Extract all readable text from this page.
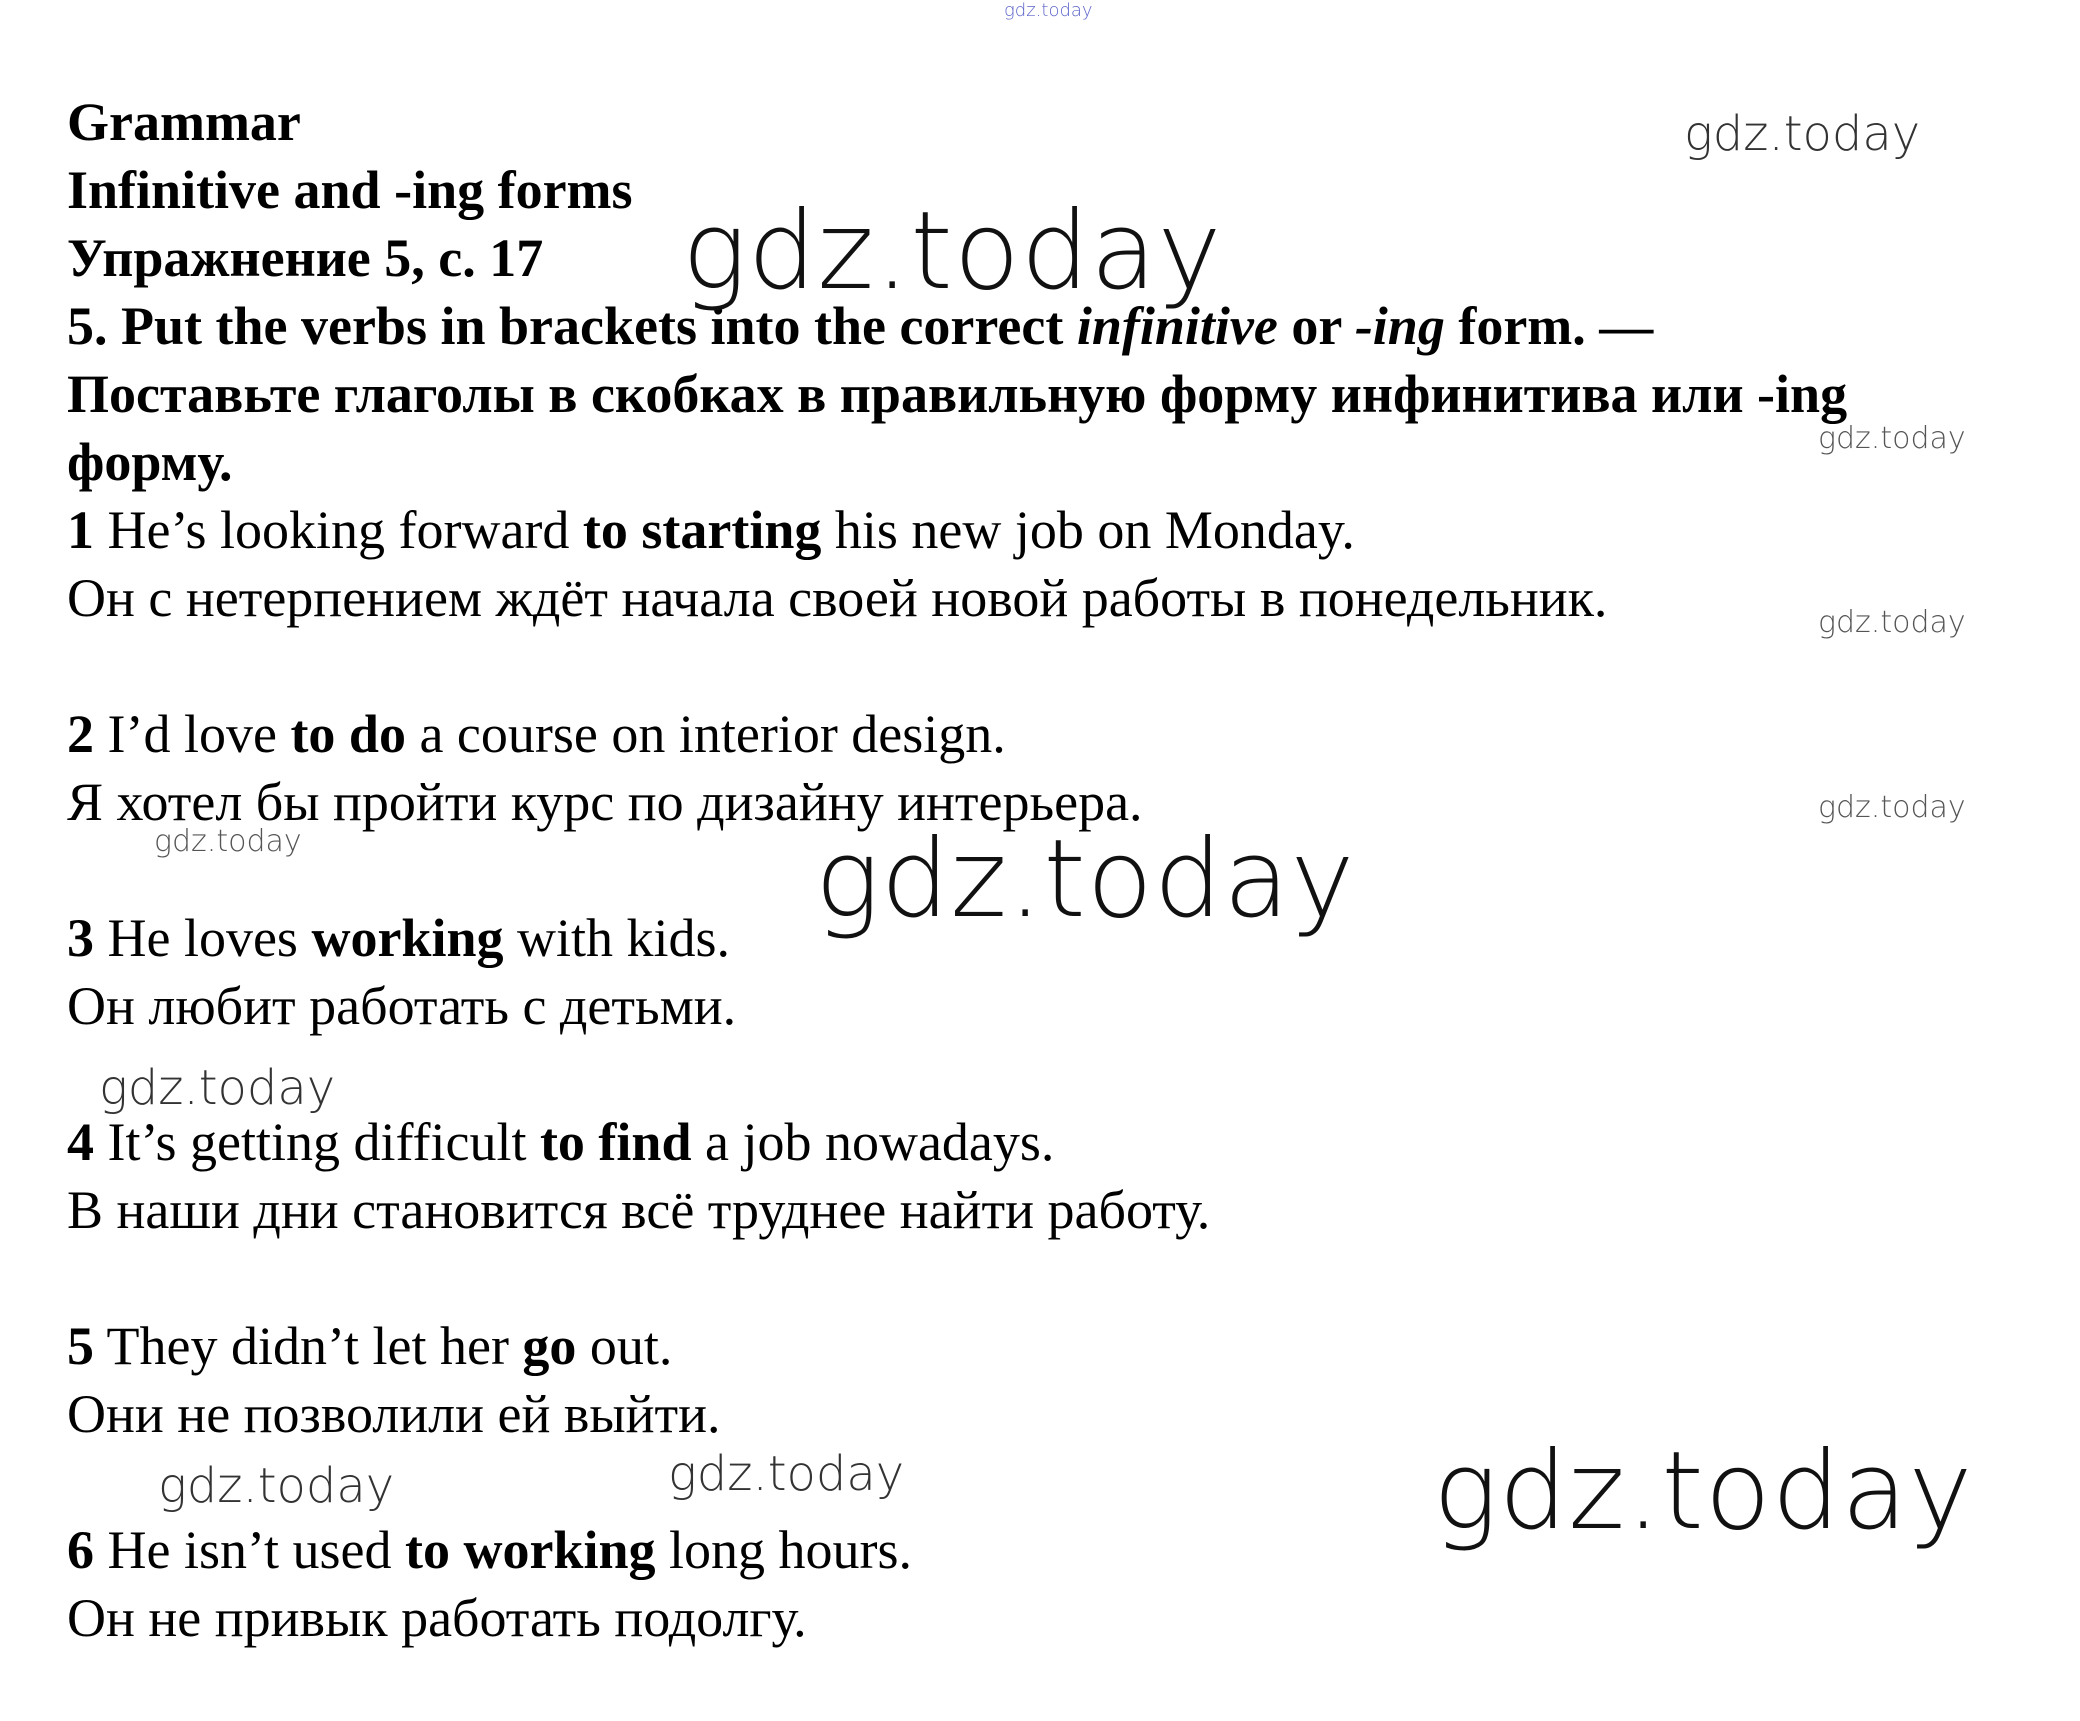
Grammar
Infinitive and -ing forms
Упражнение 5, с. 17
5. Put the verbs in brackets into the correct infinitive or -ing form. —
Поставьте глаголы в скобках в правильную форму инфинитива или -ing
форму.
1 He’s looking forward to starting his new job on Monday.
Он с нетерпением ждёт начала своей новой работы в понедельник.
2 I’d love to do a course on interior design.
Я хотел бы пройти курс по дизайну интерьера.
3 He loves working with kids.
Он любит работать с детьми.
4 It’s getting difficult to find a job nowadays.
В наши дни становится всё труднее найти работу.
5 They didn’t let her go out.
Они не позволили ей выйти.
6 He isn’t used to working long hours.
Он не привык работать подолгу.
gdz.today
gdz.today
gdz.today
gdz.today
gdz.today
gdz.today
gdz.today	gdz.today
gdz.today
gdz.today	gdz.today	gdz.today
